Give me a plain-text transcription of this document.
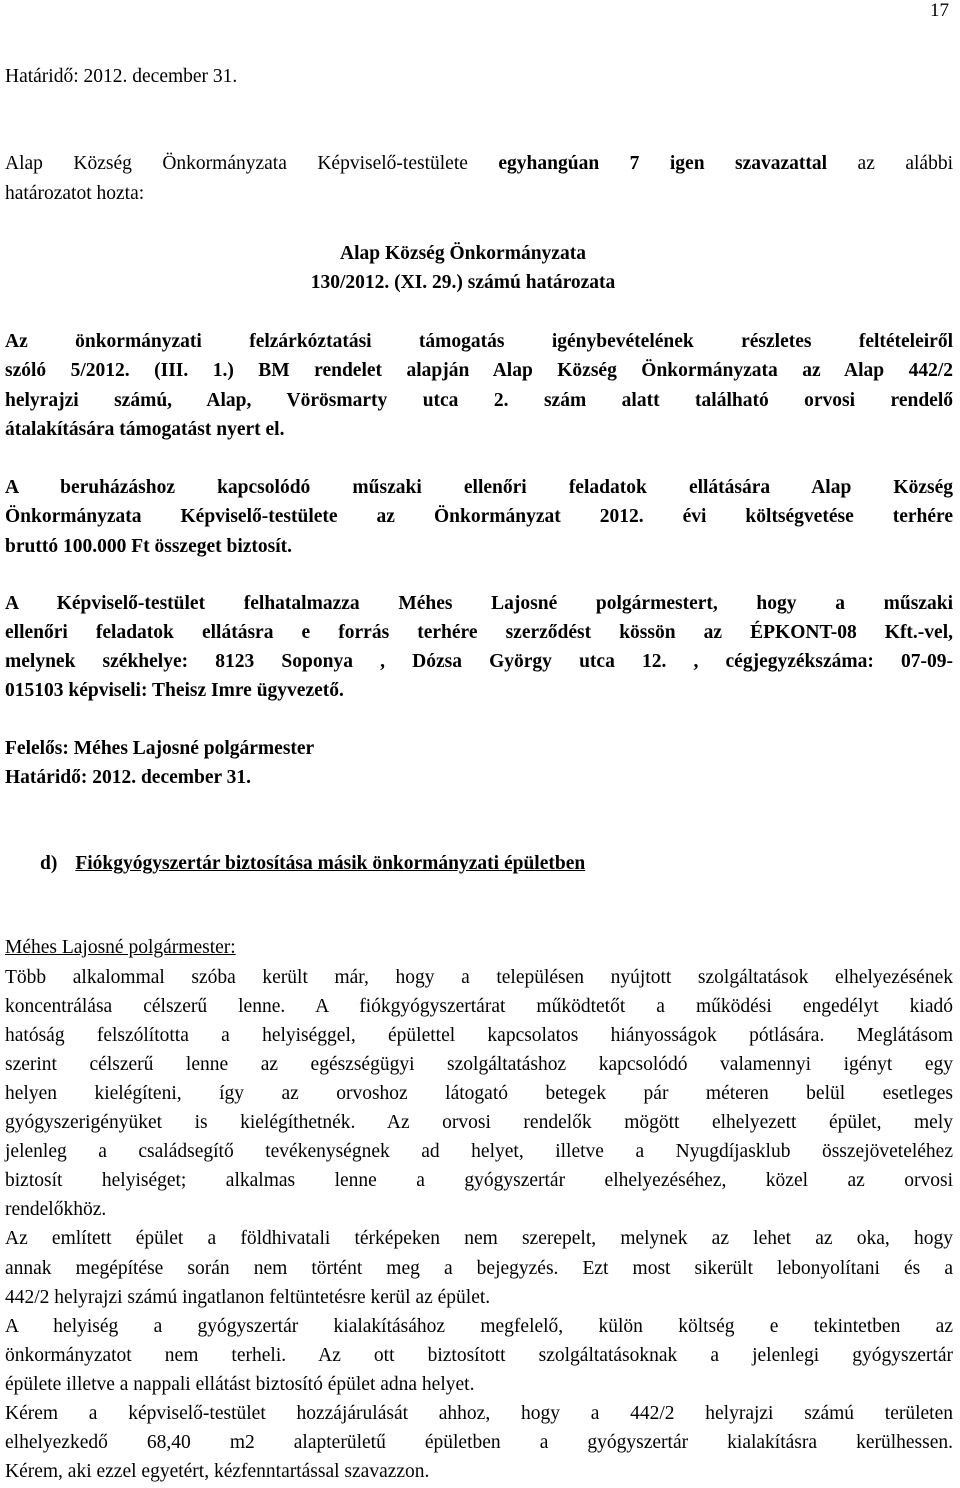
17
Határidő: 2012. december 31.
Alap Község Önkormányzata Képviselő-testülete egyhangúan 7 igen szavazattal az alábbi
határozatot hozta:
Alap Község Önkormányzata
130/2012. (XI. 29.) számú határozata
Az önkormányzati felzárkóztatási támogatás igénybevételének részletes feltételeiről
szóló 5/2012. (III. 1.) BM rendelet alapján Alap Község Önkormányzata az Alap 442/2
helyrajzi számú, Alap, Vörösmarty utca 2. szám alatt található orvosi rendelő
átalakítására támogatást nyert el.
A beruházáshoz kapcsolódó műszaki ellenőri feladatok ellátására Alap Község
Önkormányzata Képviselő-testülete az Önkormányzat 2012. évi költségvetése terhére
bruttó 100.000 Ft összeget biztosít.
A Képviselő-testület felhatalmazza Méhes Lajosné polgármestert, hogy a műszaki
ellenőri feladatok ellátásra e forrás terhére szerződést kössön az ÉPKONT-08 Kft.-vel,
melynek székhelye: 8123 Soponya , Dózsa György utca 12. , cégjegyzékszáma: 07-09-
015103 képviseli: Theisz Imre ügyvezető.
Felelős: Méhes Lajosné polgármester
Határidő: 2012. december 31.
d) Fiókgyógyszertár biztosítása másik önkormányzati épületben
Méhes Lajosné polgármester:
Több alkalommal szóba került már, hogy a településen nyújtott szolgáltatások elhelyezésének
koncentrálása célszerű lenne. A fiókgyógyszertárat működtetőt a működési engedélyt kiadó
hatóság felszólította a helyiséggel, épülettel kapcsolatos hiányosságok pótlására. Meglátásom
szerint célszerű lenne az egészségügyi szolgáltatáshoz kapcsolódó valamennyi igényt egy
helyen kielégíteni, így az orvoshoz látogató betegek pár méteren belül esetleges
gyógyszerigényüket is kielégíthetnék. Az orvosi rendelők mögött elhelyezett épület, mely
jelenleg a családsegítő tevékenységnek ad helyet, illetve a Nyugdíjasklub összejöveteléhez
biztosít helyiséget; alkalmas lenne a gyógyszertár elhelyezéséhez, közel az orvosi
rendelőkhöz.
Az említett épület a földhivatali térképeken nem szerepelt, melynek az lehet az oka, hogy
annak megépítése során nem történt meg a bejegyzés. Ezt most sikerült lebonyolítani és a
442/2 helyrajzi számú ingatlanon feltüntetésre kerül az épület.
A helyiség a gyógyszertár kialakításához megfelelő, külön költség e tekintetben az
önkormányzatot nem terheli. Az ott biztosított szolgáltatásoknak a jelenlegi gyógyszertár
épülete illetve a nappali ellátást biztosító épület adna helyet.
Kérem a képviselő-testület hozzájárulását ahhoz, hogy a 442/2 helyrajzi számú területen
elhelyezkedő 68,40 m2 alapterületű épületben a gyógyszertár kialakításra kerülhessen.
Kérem, aki ezzel egyetért, kézfenntartással szavazzon.
